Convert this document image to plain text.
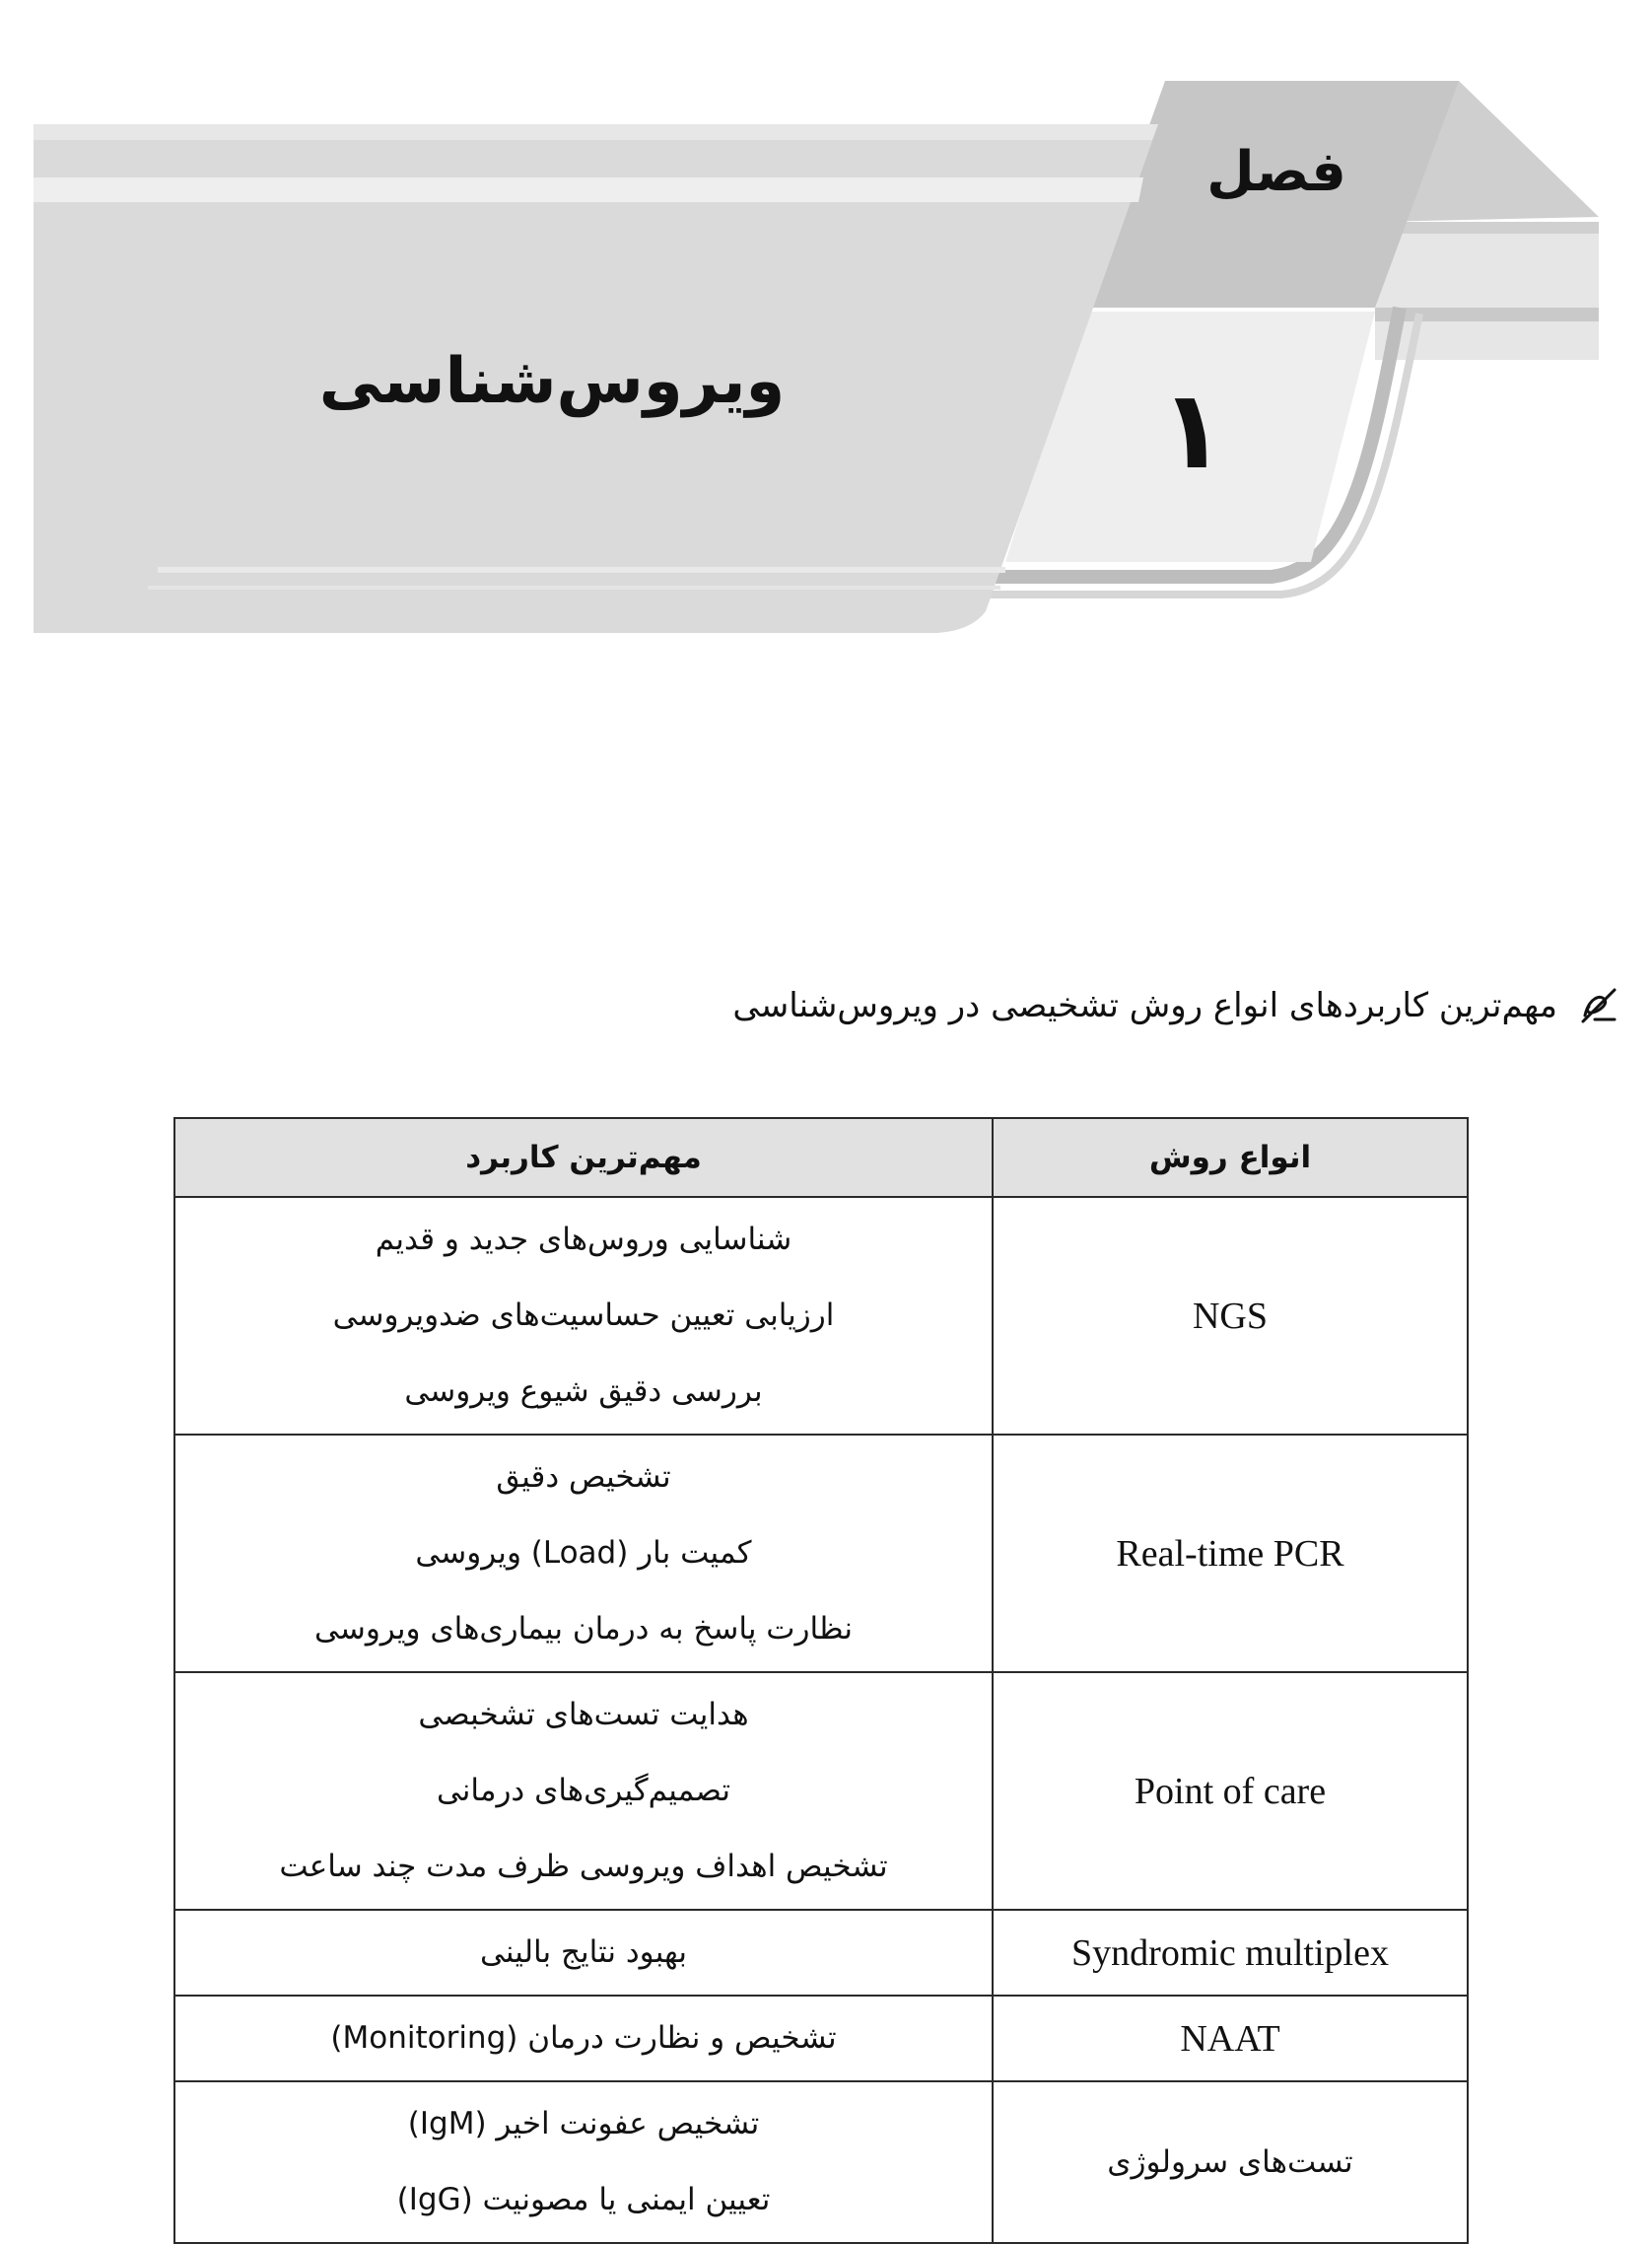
فصل
۱
ویروس‌شناسی
مهم‌ترین کاربردهای انواع روش تشخیصی در ویروس‌شناسی
انواع روش	مهم‌ترین کاربرد
NGS	شناسایی وروس‌های جدید و قدیم
ارزیابی تعیین حساسیت‌های ضدویروسی
بررسی دقیق شیوع ویروسی

Real-time PCR	تشخیص دقیق
کمیت بار (Load) ویروسی
نظارت پاسخ به درمان بیماری‌های ویروسی

Point of care	هدایت تست‌های تشخبصی
تصمیم‌گیری‌های درمانی
تشخیص اهداف ویروسی ظرف مدت چند ساعت

Syndromic multiplex	بهبود نتایج بالینی

NAAT	تشخیص و نظارت درمان (Monitoring)

تست‌های سرولوژی	تشخیص عفونت اخیر (IgM)
تعیین ایمنی یا مصونیت (IgG)
